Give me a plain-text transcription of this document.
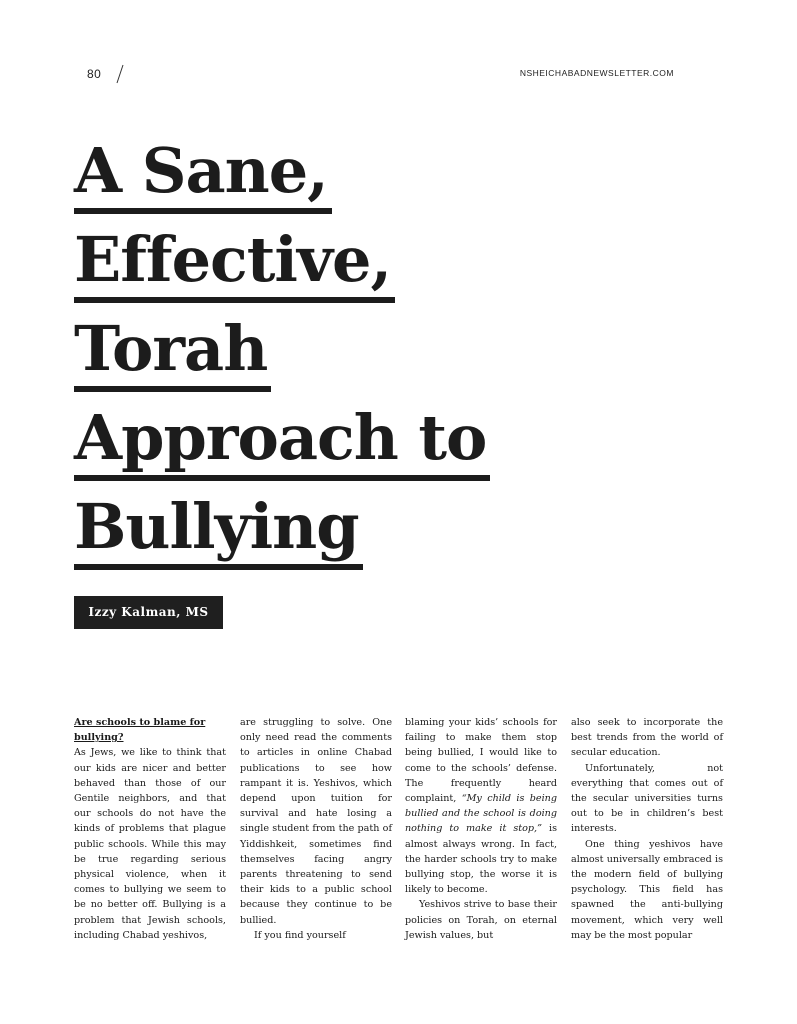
80	NSHEICHABADNEWSLETTER.COM
A Sane,
Effective,
Torah
Approach to
Bullying
Izzy Kalman, MS

Are schools to blame for bullying?

As Jews, we like to think that our kids are nicer and better behaved than those of our Gentile neighbors, and that our schools do not have the kinds of problems that plague public schools. While this may be true regarding serious physical violence, when it comes to bullying we seem to be no better off. Bullying is a problem that Jewish schools, including Chabad yeshivos,

are struggling to solve. One only need read the comments to articles in online Chabad publications to see how rampant it is. Yeshivos, which depend upon tuition for survival and hate losing a single student from the path of Yiddishkeit, sometimes find themselves facing angry parents threatening to send their kids to a public school because they continue to be bullied.

If you find yourself

blaming your kids’ schools for failing to make them stop being bullied, I would like to come to the schools’ defense. The frequently heard complaint, “My child is being bullied and the school is doing nothing to make it stop,” is almost always wrong. In fact, the harder schools try to make bullying stop, the worse it is likely to become.

Yeshivos strive to base their policies on Torah, on eternal Jewish values, but

also seek to incorporate the best trends from the world of secular education.

Unfortunately, not everything that comes out of the secular universities turns out to be in children’s best interests.

One thing yeshivos have almost universally embraced is the modern field of bullying psychology. This field has spawned the anti-bullying movement, which very well may be the most popular
